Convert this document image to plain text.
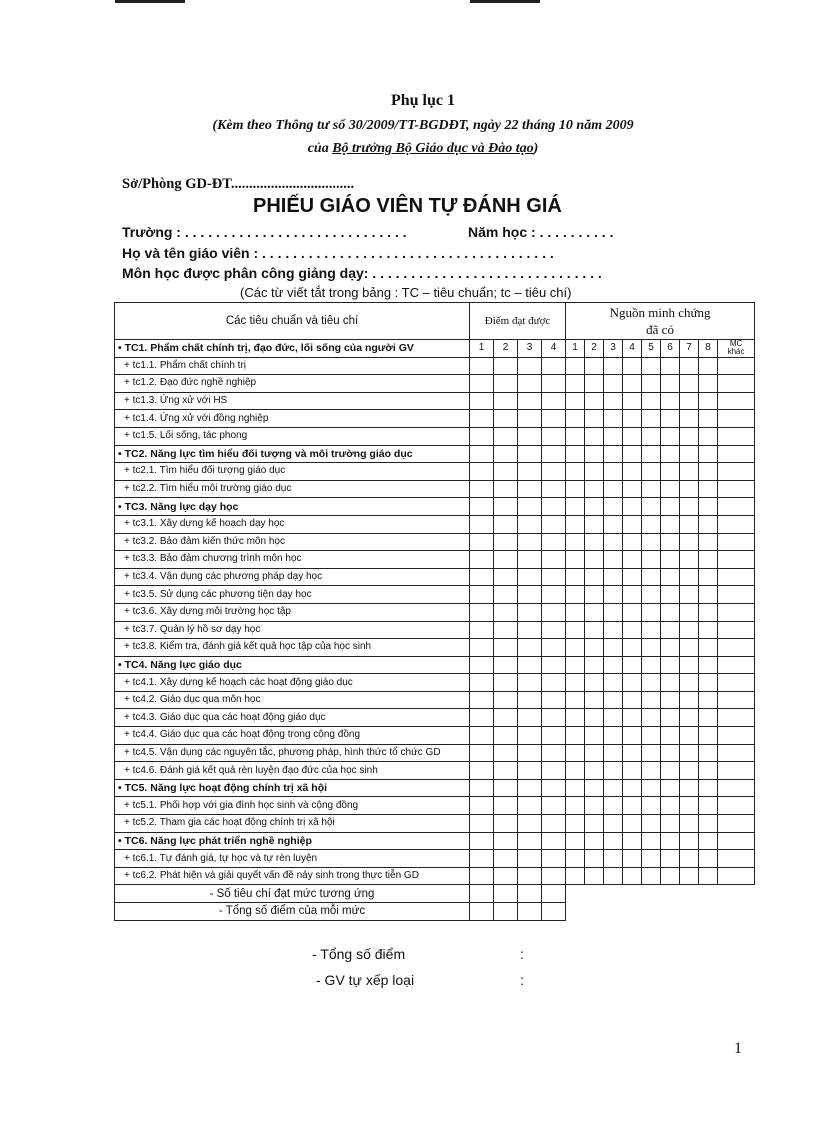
Phụ lục 1
(Kèm theo Thông tư số 30/2009/TT-BGDĐT, ngày 22 tháng 10 năm 2009
của Bộ trưởng Bộ Giáo dục và Đào tạo)
Sở/Phòng GD-ĐT..................................
PHIẾU GIÁO VIÊN TỰ ĐÁNH GIÁ
Trường : . . . . . . . . . . . . . . . . . . . . . . . . . . . . .	Năm học : . . . . . . . . . .
Họ và tên giáo viên : . . . . . . . . . . . . . . . . . . . . . . . . . . . . . . . . . . . . . .
Môn học được phân công giảng dạy: . . . . . . . . . . . . . . . . . . . . . . . . . . . . . .
(Các từ viết tắt trong bảng : TC – tiêu chuẩn; tc – tiêu chí)
Các tiêu chuẩn và tiêu chí	Điểm đạt được				Nguồn minh chứng
đã có								

• TC1. Phẩm chất chính trị, đạo đức, lối sống của người GV	1	2	3	4	1	2	3	4	5	6	7	8	MC
khác

+ tc1.1. Phẩm chất chính trị													
+ tc1.2. Đạo đức nghề nghiệp													
+ tc1.3. Ứng xử với HS													
+ tc1.4. Ứng xử với đồng nghiệp													
+ tc1.5. Lối sống, tác phong													
• TC2. Năng lực tìm hiểu đối tượng và môi trường giáo dục													
+ tc2.1. Tìm hiểu đối tượng giáo dục													
+ tc2.2. Tìm hiểu môi trường giáo dục													
• TC3. Năng lực dạy học													
+ tc3.1. Xây dựng kế hoạch dạy học													
+ tc3.2. Bảo đảm kiến thức môn học													
+ tc3.3. Bảo đảm chương trình môn học													
+ tc3.4. Vận dụng các phương pháp dạy học													
+ tc3.5. Sử dụng các phương tiện dạy học													
+ tc3.6. Xây dựng môi trường học tập													
+ tc3.7. Quản lý hồ sơ dạy học													
+ tc3.8. Kiểm tra, đánh giá kết quả học tập của học sinh													
• TC4. Năng lực giáo dục													
+ tc4.1. Xây dựng kế hoạch các hoạt động giáo dục													
+ tc4.2. Giáo dục qua môn học													
+ tc4.3. Giáo dục qua các hoạt động giáo dục													
+ tc4.4. Giáo dục qua các hoạt động trong cộng đồng													
+ tc4.5. Vận dụng các nguyên tắc, phương pháp, hình thức tổ chức GD													
+ tc4.6. Đánh giá kết quả rèn luyện đạo đức của học sinh													
• TC5. Năng lực hoạt động chính trị xã hội													
+ tc5.1. Phối hợp với gia đình học sinh và cộng đồng													
+ tc5.2. Tham gia các hoạt động chính trị xã hội													
• TC6. Năng lực phát triển nghề nghiệp													
+ tc6.1. Tự đánh giá, tự học và tự rèn luyện													
+ tc6.2. Phát hiện và giải quyết vấn đề nảy sinh trong thực tiễn GD													
- Số tiêu chí đạt mức tương ứng													
- Tổng số điểm của mỗi mức													
- Tổng số điểm	:
- GV tự xếp loại	:
1
